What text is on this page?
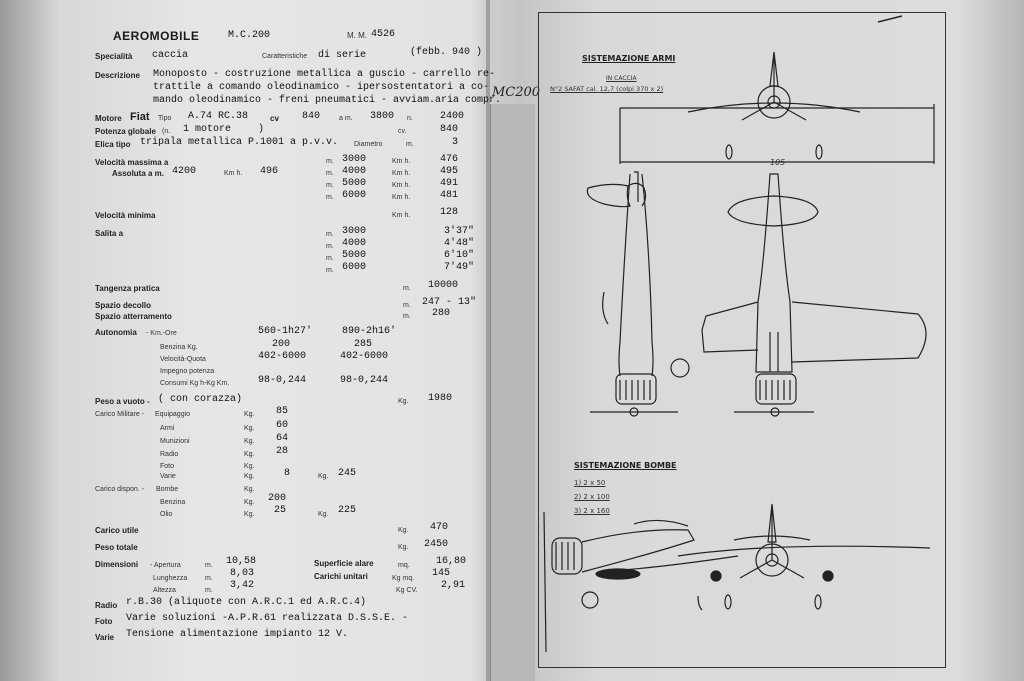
AEROMOBILE	M.C.200	M. M. 4526
Specialità caccia	Caratteristiche di serie	(febb. 940 )
Descrizione Monoposto - costruzione metallica a guscio - carrello re-
trattile a comando oleodinamico - ipersostentatori a co-
mando oleodinamico - freni pneumatici - avviam.aria compr.
Motore Fiat Tipo A.74 RC.38	cv 840	a m. 3800 n.	2400
Potenza globale (n. 1 motore	)	cv.	840
Elica tipo tripala metallica P.1001 a p.v.v. Diametro	m.	3
Velocità massima a
Assoluta a m. 4200	Km h. 496
m. 3000	Km h.	476
m. 4000	Km h.	495
m. 5000	Km h.	491
m. 6000	Km h.	481
Velocità minima	Km h.	128
Salita a	m. 3000	3'37"
m. 4000	4'48"
m. 5000	6'10"
m. 6000	7'49"
Tangenza pratica	m. 10000
Spazio decollo	m. 247 - 13"
Spazio atterramento	m. 280
Autonomia - Km.-Ore	560-1h27'	890-2h16'
Benzina Kg.	200	285
Velocità-Quota	402-6000	402-6000
Impegno potenza
Consumi Kg h-Kg Km.	98-0,244	98-0,244
Peso a vuoto - ( con corazza)	Kg. 1980
Carico Militare - Equipaggio	Kg. 85
Armi	Kg. 60
Munizioni	Kg. 64
Radio	Kg. 28
Foto	Kg.
Varie	Kg.	8	Kg. 245
Carico dispon. - Bombe	Kg.
Benzina	Kg. 200
Olio	Kg. 25	Kg. 225
Carico utile	Kg. 470
Peso totale	Kg. 2450
Dimensioni - Apertura	m. 10,58	Superficie alare	mq.	16,80
Lunghezza	m. 8,03	Carichi unitari	Kg mq. 145
Altezza	m. 3,42	Kg CV. 2,91
Radio r.B.30 (aliquote con A.R.C.1 ed A.R.C.4)
Foto Varie soluzioni -A.P.R.61 realizzata D.S.S.E. -
Varie Tensione alimentazione impianto 12 V.
MC200
SISTEMAZIONE ARMI
IN CACCIA
N°2 SAFAT cal. 12,7 (colpi 370 x 2)
105
SISTEMAZIONE BOMBE
1) 2 x 50
2) 2 x 100
3) 2 x 160
